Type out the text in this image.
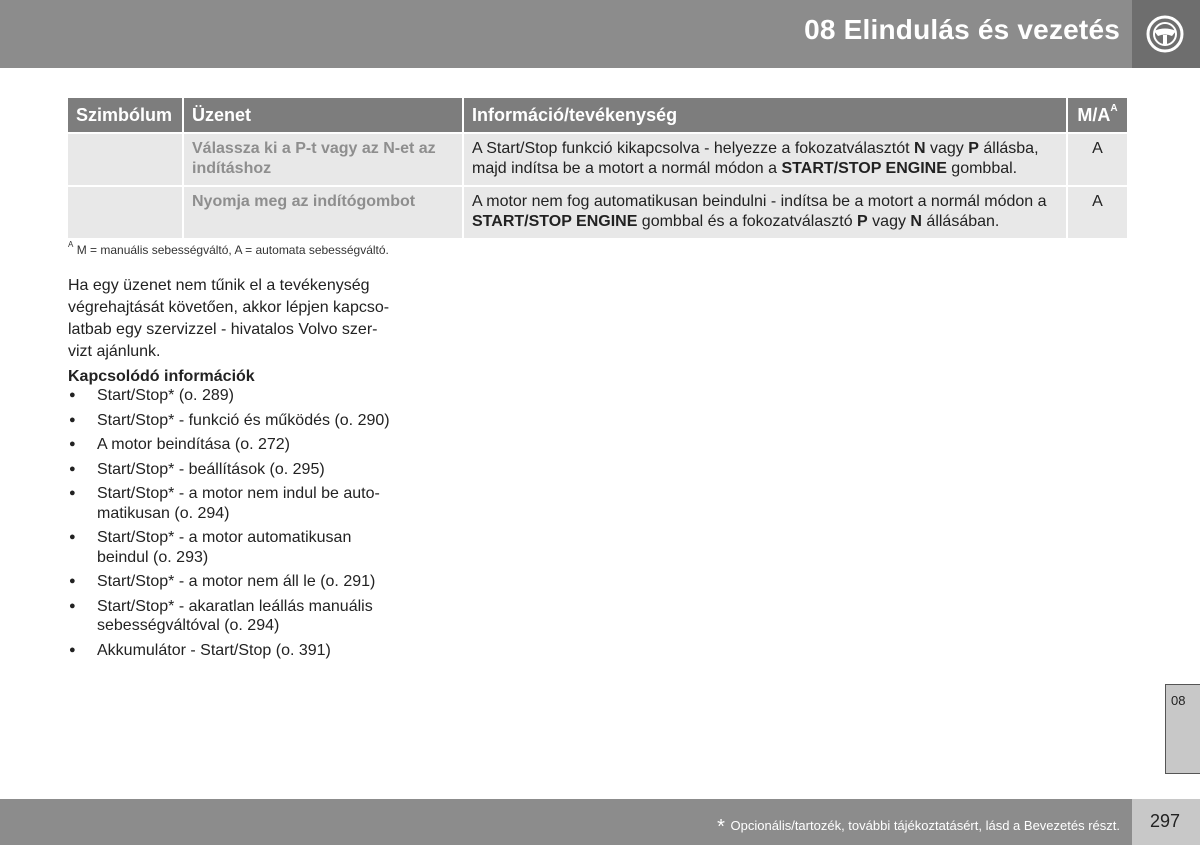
08 Elindulás és vezetés
Szimbólum	Üzenet	Információ/tevékenység	$M/A^A$
	Válassza ki a P-t vagy az N-et az indításhoz	A Start/Stop funkció kikapcsolva - helyezze a fokozatválasztót N vagy P állásba, majd indítsa be a motort a normál módon a START/STOP ENGINE gombbal.	A
	Nyomja meg az indítógombot	A motor nem fog automatikusan beindulni - indítsa be a motort a normál módon a START/STOP ENGINE gombbal és a fokozatválasztó P vagy N állásában.	A
$^A$ M = manuális sebességváltó, A = automata sebességváltó.
Ha egy üzenet nem tűnik el a tevékenység
végrehajtását követően, akkor lépjen kapcso-
latbab egy szervizzel - hivatalos Volvo szer-
vizt ajánlunk.
Kapcsolódó információk
● Start/Stop* (o. 289)
● Start/Stop* - funkció és működés (o. 290)
● A motor beindítása (o. 272)
● Start/Stop* - beállítások (o. 295)
● Start/Stop* - a motor nem indul be auto-
matikusan (o. 294)
● Start/Stop* - a motor automatikusan
beindul (o. 293)
● Start/Stop* - a motor nem áll le (o. 291)
● Start/Stop* - akaratlan leállás manuális
sebességváltóval (o. 294)
● Akkumulátor - Start/Stop (o. 391)
08
* Opcionális/tartozék, további tájékoztatásért, lásd a Bevezetés részt. 297
